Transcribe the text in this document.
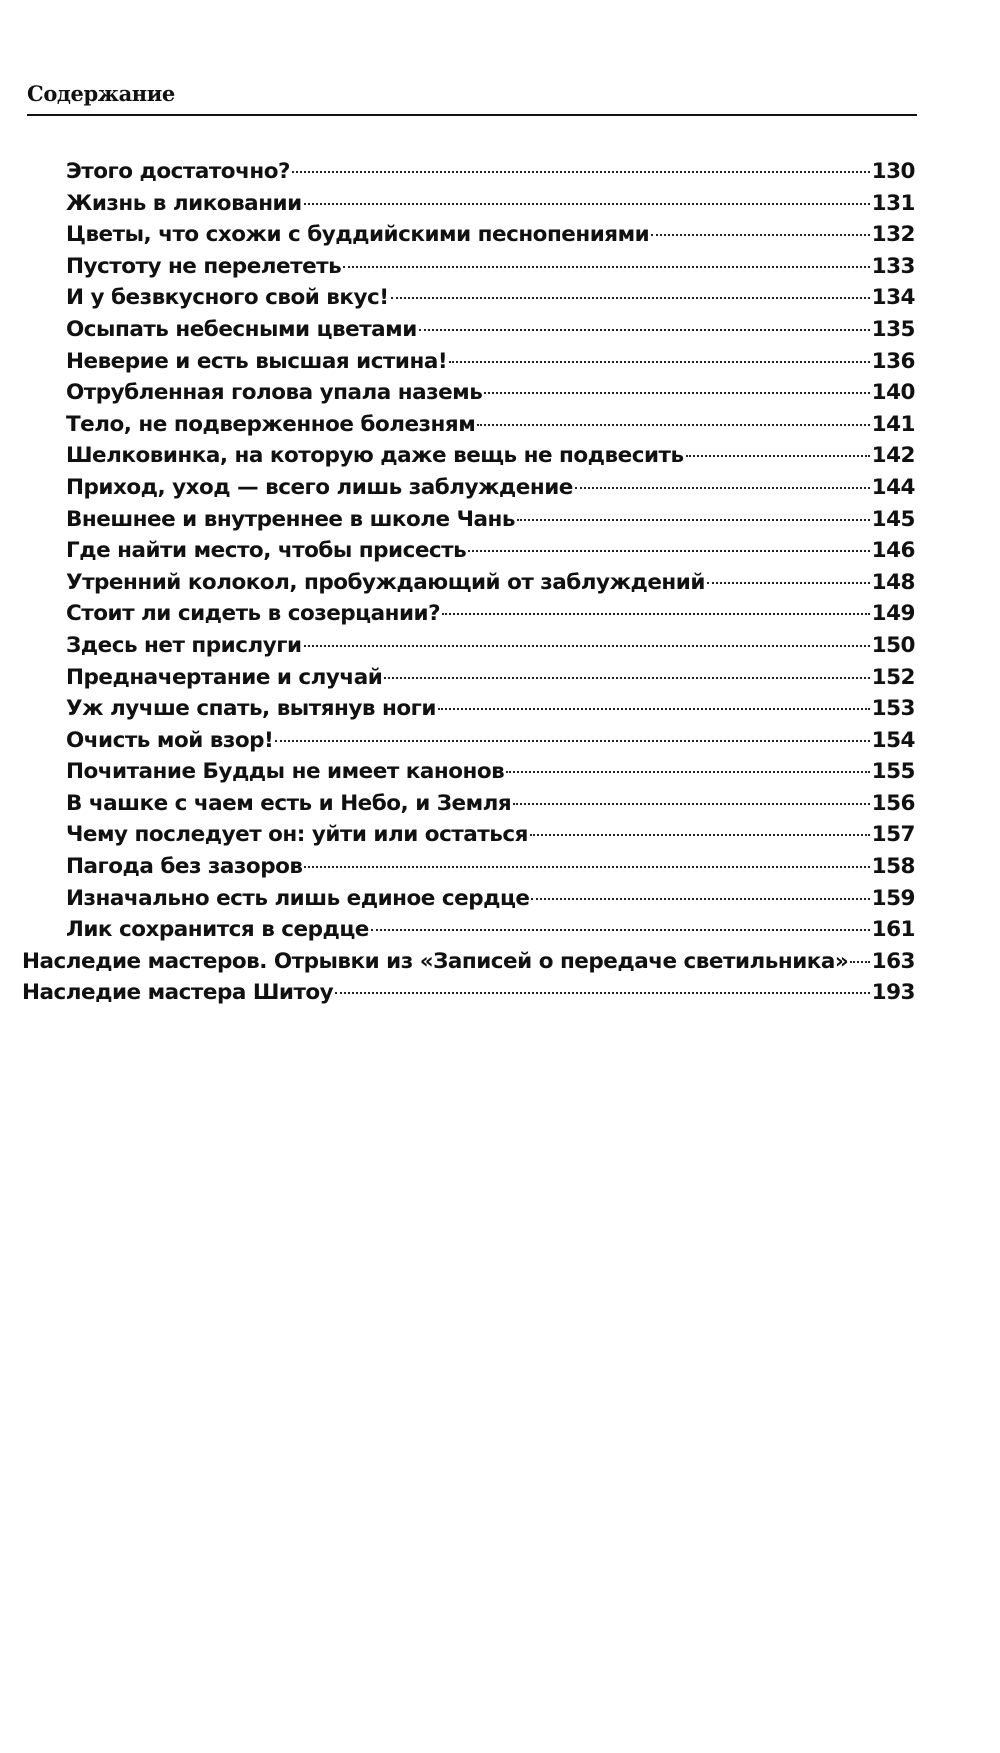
Содержание
Этого достаточно?	130
Жизнь в ликовании	131
Цветы, что схожи с буддийскими песнопениями	132
Пустоту не перелететь	133
И у безвкусного свой вкус!	134
Осыпать небесными цветами	135
Неверие и есть высшая истина!	136
Отрубленная голова упала наземь	140
Тело, не подверженное болезням	141
Шелковинка, на которую даже вещь не подвесить	142
Приход, уход — всего лишь заблуждение	144
Внешнее и внутреннее в школе Чань	145
Где найти место, чтобы присесть	146
Утренний колокол, пробуждающий от заблуждений	148
Стоит ли сидеть в созерцании?	149
Здесь нет прислуги	150
Предначертание и случай	152
Уж лучше спать, вытянув ноги	153
Очисть мой взор!	154
Почитание Будды не имеет канонов	155
В чашке с чаем есть и Небо, и Земля	156
Чему последует он: уйти или остаться	157
Пагода без зазоров	158
Изначально есть лишь единое сердце	159
Лик сохранится в сердце	161
Наследие мастеров. Отрывки из «Записей о передаче светильника» 163
Наследие мастера Шитоу	193
